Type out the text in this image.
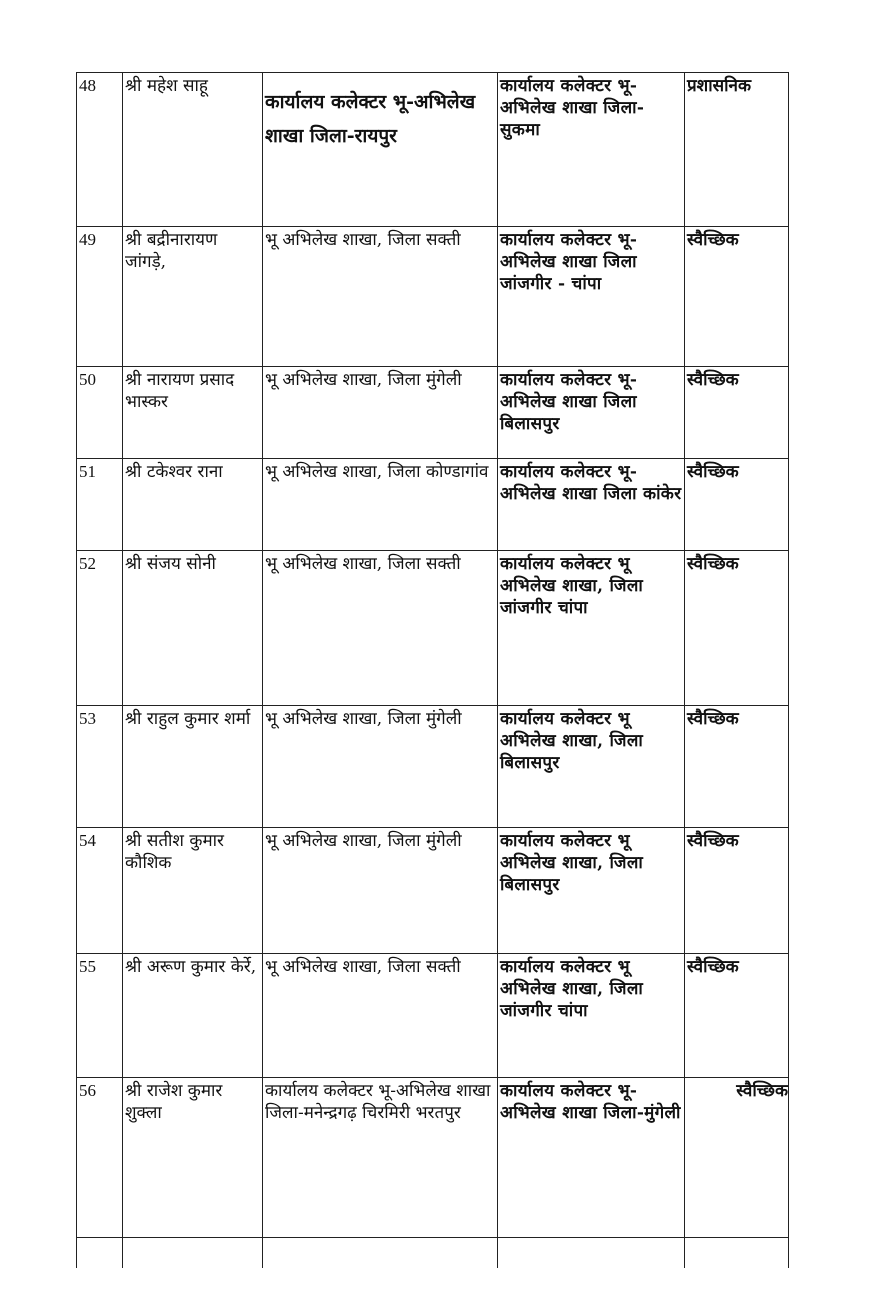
48	श्री महेश साहू	कार्यालय कलेक्टर भू-अभिलेख शाखा जिला-रायपुर	कार्यालय कलेक्टर भू-अभिलेख शाखा जिला-सुकमा	प्रशासनिक
49	श्री बद्रीनारायण जांगड़े,	भू अभिलेख शाखा, जिला सक्ती	कार्यालय कलेक्टर भू-अभिलेख शाखा जिला जांजगीर - चांपा	स्वैच्छिक
50	श्री नारायण प्रसाद भास्कर	भू अभिलेख शाखा, जिला मुंगेली	कार्यालय कलेक्टर भू-अभिलेख शाखा जिला बिलासपुर	स्वैच्छिक
51	श्री टकेश्वर राना	भू अभिलेख शाखा, जिला कोण्डागांव	कार्यालय कलेक्टर भू-अभिलेख शाखा जिला कांकेर	स्वैच्छिक
52	श्री संजय सोनी	भू अभिलेख शाखा, जिला सक्ती	कार्यालय कलेक्टर भू अभिलेख शाखा, जिला जांजगीर चांपा	स्वैच्छिक
53	श्री राहुल कुमार शर्मा	भू अभिलेख शाखा, जिला मुंगेली	कार्यालय कलेक्टर भू अभिलेख शाखा, जिला बिलासपुर	स्वैच्छिक
54	श्री सतीश कुमार कौशिक	भू अभिलेख शाखा, जिला मुंगेली	कार्यालय कलेक्टर भू अभिलेख शाखा, जिला बिलासपुर	स्वैच्छिक
55	श्री अरूण कुमार केर्रे,	भू अभिलेख शाखा, जिला सक्ती	कार्यालय कलेक्टर भू अभिलेख शाखा, जिला जांजगीर चांपा	स्वैच्छिक
56	श्री राजेश कुमार शुक्ला	कार्यालय कलेक्टर भू-अभिलेख शाखा जिला-मनेन्द्रगढ़ चिरमिरी भरतपुर	कार्यालय कलेक्टर भू-अभिलेख शाखा जिला-मुंगेली	स्वैच्छिक
